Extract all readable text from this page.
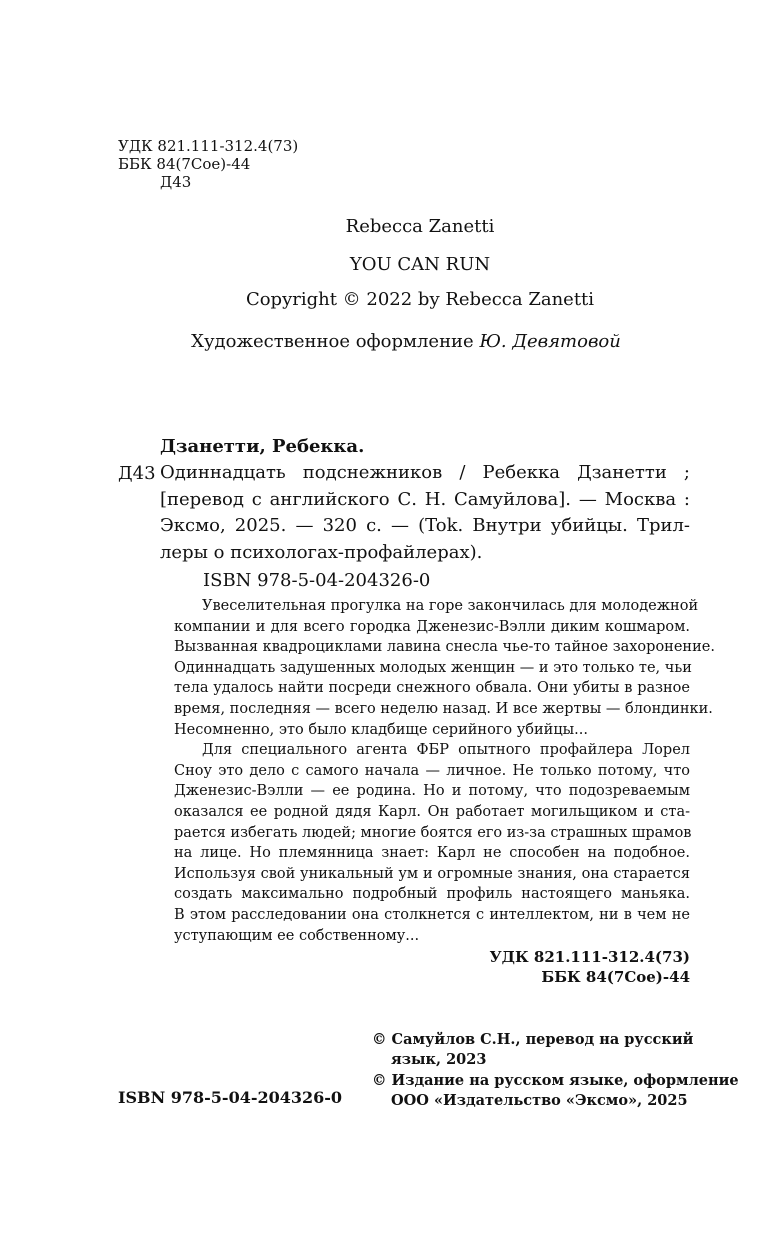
УДК 821.111-312.4(73)
ББК 84(7Сое)-44
Д43
Rebecca Zanetti
YOU CAN RUN
Copyright © 2022 by Rebecca Zanetti
Художественное оформление Ю. Девятовой
Дзанетти, Ребекка.
Д43 Одиннадцать подснежников / Ребекка Дзанетти ;
[перевод с английского С. Н. Самуйлова]. — Москва :
Эксмо, 2025. — 320 с. — (Tok. Внутри убийцы. Трил-
леры о психологах-профайлерах).
ISBN 978-5-04-204326-0
Увеселительная прогулка на горе закончилась для молодежной
компании и для всего городка Дженезис-Вэлли диким кошмаром.
Вызванная квадроциклами лавина снесла чье-то тайное захоронение.
Одиннадцать задушенных молодых женщин — и это только те, чьи
тела удалось найти посреди снежного обвала. Они убиты в разное
время, последняя — всего неделю назад. И все жертвы — блондинки.
Несомненно, это было кладбище серийного убийцы...
Для специального агента ФБР опытного профайлера Лорел
Сноу это дело с самого начала — личное. Не только потому, что
Дженезис-Вэлли — ее родина. Но и потому, что подозреваемым
оказался ее родной дядя Карл. Он работает могильщиком и ста-
рается избегать людей; многие боятся его из-за страшных шрамов
на лице. Но племянница знает: Карл не способен на подобное.
Используя свой уникальный ум и огромные знания, она старается
создать максимально подробный профиль настоящего маньяка.
В этом расследовании она столкнется с интеллектом, ни в чем не
уступающим ее собственному...
УДК 821.111-312.4(73)
ББК 84(7Сое)-44
© Самуйлов С.Н., перевод на русский
язык, 2023
© Издание на русском языке, оформление
ООО «Издательство «Эксмо», 2025
ISBN 978-5-04-204326-0
